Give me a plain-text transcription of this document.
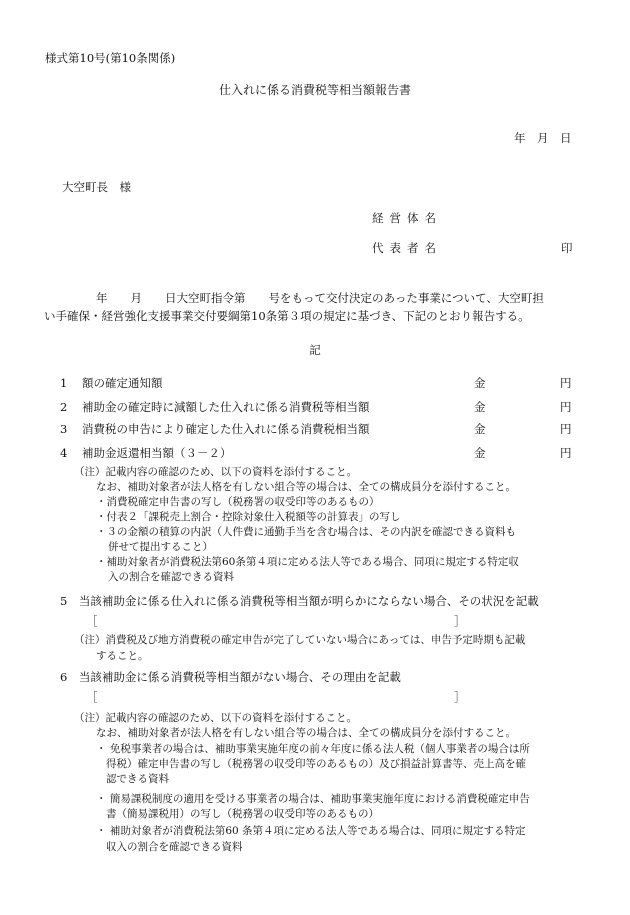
様式第10号(第10条関係)
仕入れに係る消費税等相当額報告書
年　月　日
大空町長　様
経営体名
代表者名	印
年　　月　　日大空町指令第　　号をもって交付決定のあった事業について、大空町担
い手確保・経営強化支援事業交付要綱第10条第３項の規定に基づき、下記のとおり報告する。
記
1 額の確定通知額	金	円
2 補助金の確定時に減額した仕入れに係る消費税等相当額	金	円
3 消費税の申告により確定した仕入れに係る消費税相当額	金	円
4 補助金返還相当額（３－２）	金	円
（注）記載内容の確認のため、以下の資料を添付すること。
なお、補助対象者が法人格を有しない組合等の場合は、全ての構成員分を添付すること。
・消費税確定申告書の写し（税務署の収受印等のあるもの）
・付表２「課税売上割合・控除対象仕入税額等の計算表」の写し
・３の金額の積算の内訳（人件費に通勤手当を含む場合は、その内訳を確認できる資料も
併せて提出すること）
・補助対象者が消費税法第60条第４項に定める法人等である場合、同項に規定する特定収
入の割合を確認できる資料
5　当該補助金に係る仕入れに係る消費税等相当額が明らかにならない場合、その状況を記載
［	］
（注）消費税及び地方消費税の確定申告が完了していない場合にあっては、申告予定時期も記載
すること。
6　当該補助金に係る消費税等相当額がない場合、その理由を記載
［	］
（注）記載内容の確認のため、以下の資料を添付すること。
なお、補助対象者が法人格を有しない組合等の場合は、全ての構成員分を添付すること。
・ 免税事業者の場合は、補助事業実施年度の前々年度に係る法人税（個人事業者の場合は所
得税）確定申告書の写し（税務署の収受印等のあるもの）及び損益計算書等、売上高を確
認できる資料
・ 簡易課税制度の適用を受ける事業者の場合は、補助事業実施年度における消費税確定申告
書（簡易課税用）の写し（税務署の収受印等のあるもの）
・ 補助対象者が消費税法第60 条第４項に定める法人等である場合は、同項に規定する特定
収入の割合を確認できる資料
